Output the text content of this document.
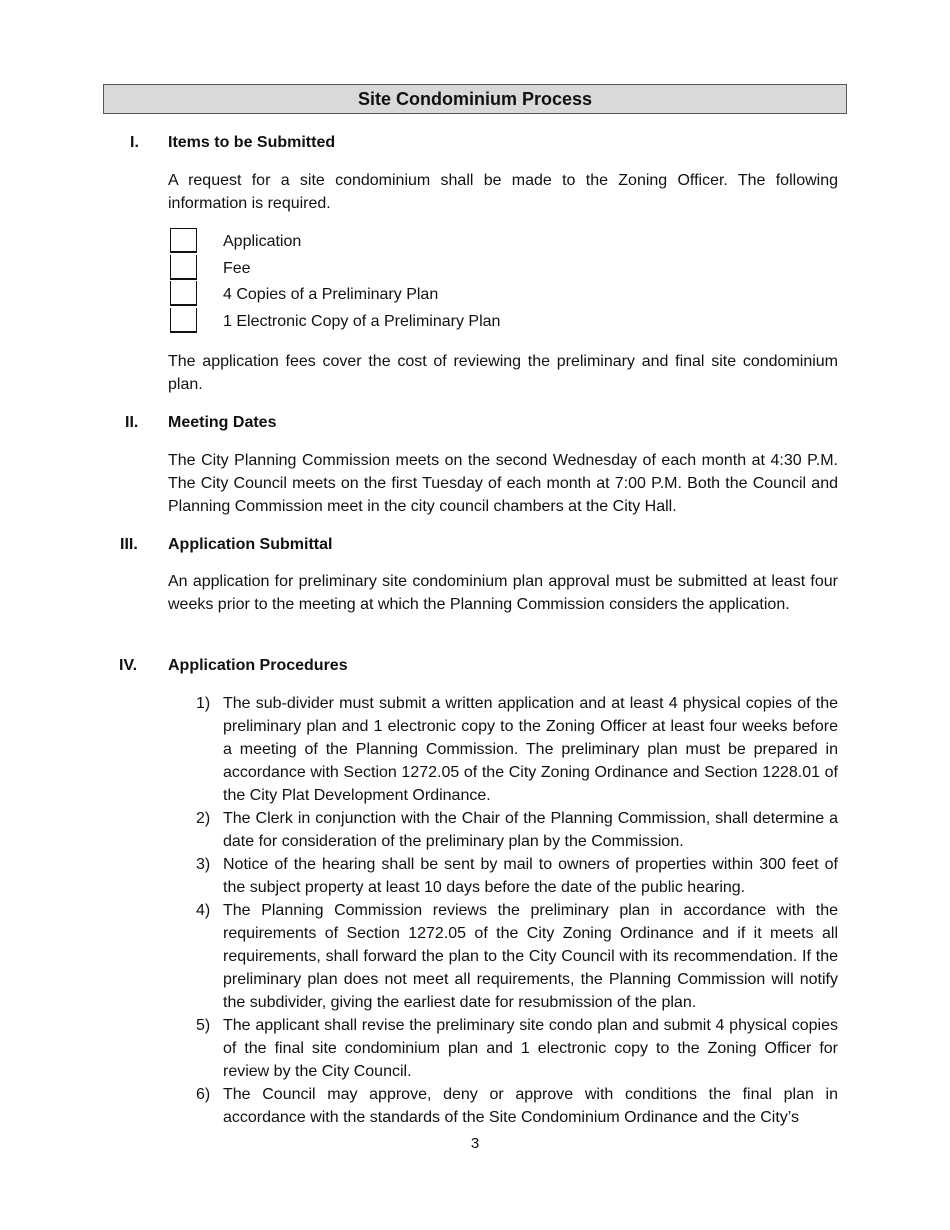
Site Condominium Process
I.	Items to be Submitted
A request for a site condominium shall be made to the Zoning Officer. The following information is required.
Application
Fee
4 Copies of a Preliminary Plan
1 Electronic Copy of a Preliminary Plan
The application fees cover the cost of reviewing the preliminary and final site condominium plan.
II.	Meeting Dates
The City Planning Commission meets on the second Wednesday of each month at 4:30 P.M. The City Council meets on the first Tuesday of each month at 7:00 P.M. Both the Council and Planning Commission meet in the city council chambers at the City Hall.
III.	Application Submittal
An application for preliminary site condominium plan approval must be submitted at least four weeks prior to the meeting at which the Planning Commission considers the application.
IV.	Application Procedures
1) The sub-divider must submit a written application and at least 4 physical copies of the preliminary plan and 1 electronic copy to the Zoning Officer at least four weeks before a meeting of the Planning Commission. The preliminary plan must be prepared in accordance with Section 1272.05 of the City Zoning Ordinance and Section 1228.01 of the City Plat Development Ordinance.
2) The Clerk in conjunction with the Chair of the Planning Commission, shall determine a date for consideration of the preliminary plan by the Commission.
3) Notice of the hearing shall be sent by mail to owners of properties within 300 feet of the subject property at least 10 days before the date of the public hearing.
4) The Planning Commission reviews the preliminary plan in accordance with the requirements of Section 1272.05 of the City Zoning Ordinance and if it meets all requirements, shall forward the plan to the City Council with its recommendation. If the preliminary plan does not meet all requirements, the Planning Commission will notify the subdivider, giving the earliest date for resubmission of the plan.
5) The applicant shall revise the preliminary site condo plan and submit 4 physical copies of the final site condominium plan and 1 electronic copy to the Zoning Officer for review by the City Council.
6) The Council may approve, deny or approve with conditions the final plan in accordance with the standards of the Site Condominium Ordinance and the City’s
3
